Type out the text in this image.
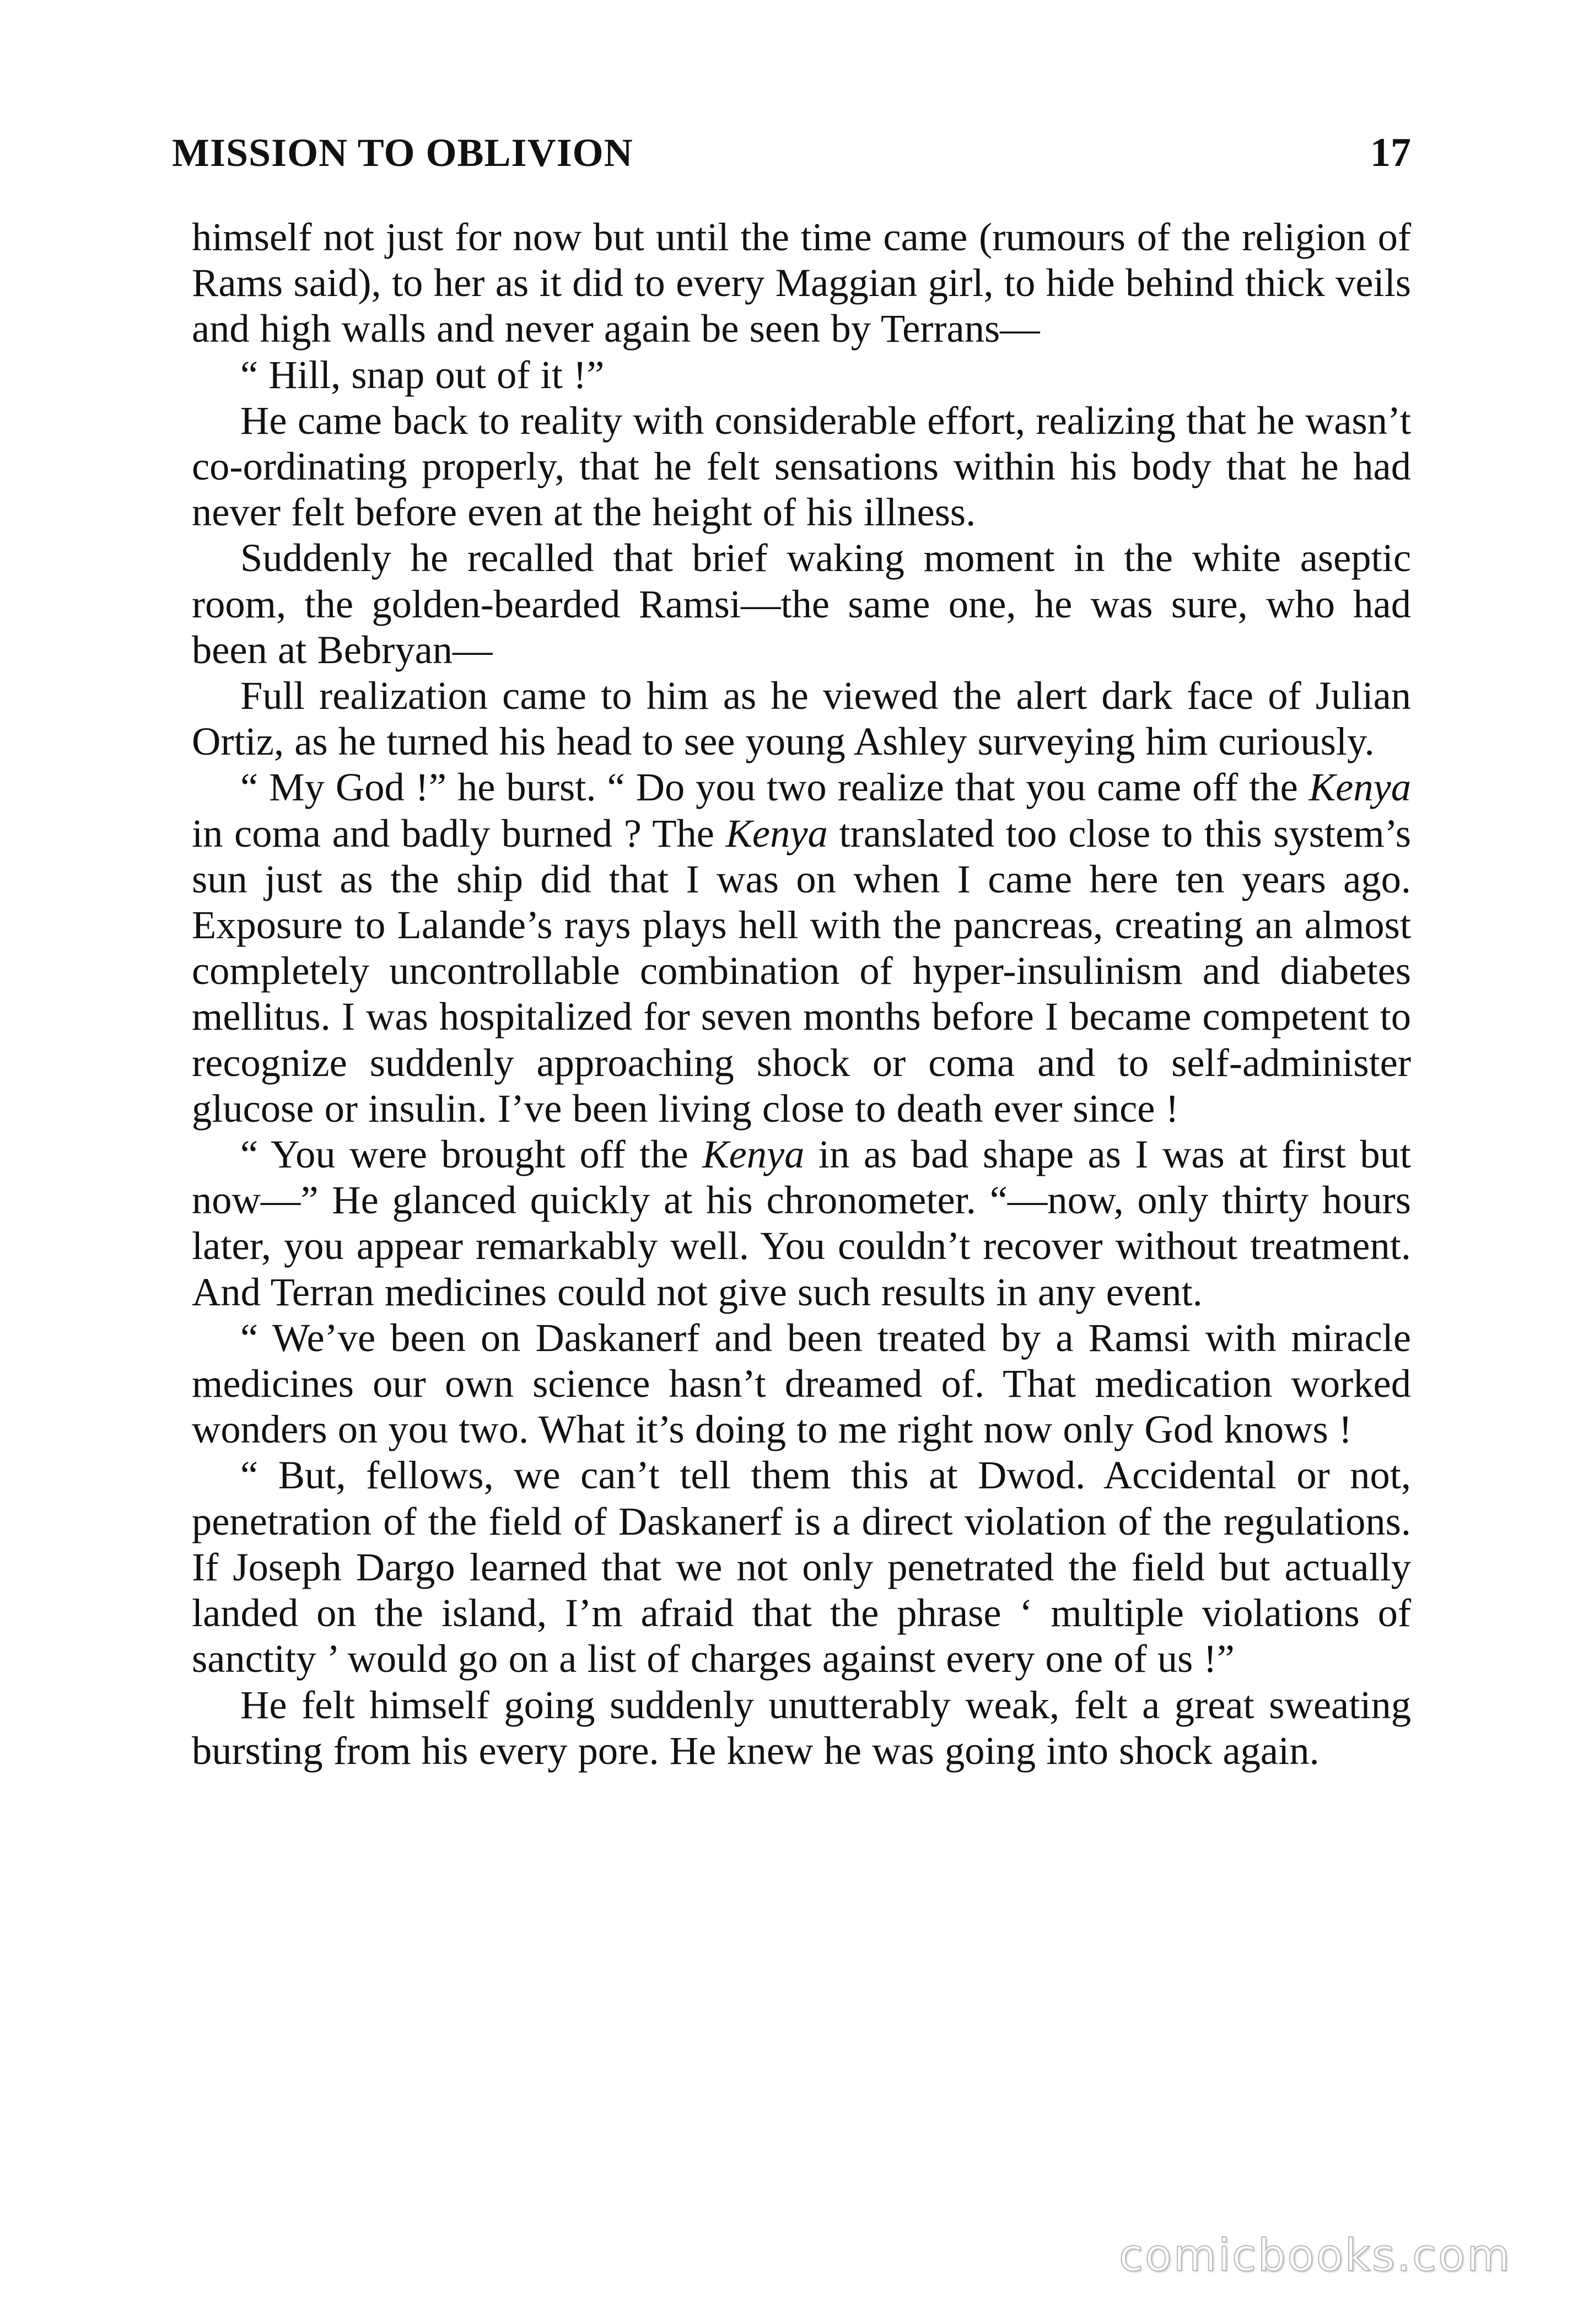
MISSION TO OBLIVION	17

himself not just for now but until the time came (rumours of the religion of Rams said), to her as it did to every Maggian girl, to hide behind thick veils and high walls and never again be seen by Terrans—

“ Hill, snap out of it !”

He came back to reality with considerable effort, realizing that he wasn’t co-ordinating properly, that he felt sensations within his body that he had never felt before even at the height of his illness.

Suddenly he recalled that brief waking moment in the white aseptic room, the golden-bearded Ramsi—the same one, he was sure, who had been at Bebryan—

Full realization came to him as he viewed the alert dark face of Julian Ortiz, as he turned his head to see young Ashley surveying him curiously.

“ My God !” he burst. “ Do you two realize that you came off the Kenya in coma and badly burned ? The Kenya translated too close to this system’s sun just as the ship did that I was on when I came here ten years ago. Exposure to Lalande’s rays plays hell with the pancreas, creating an almost completely uncontrollable combination of hyper-insulinism and diabetes mellitus. I was hospitalized for seven months before I became competent to recognize suddenly approaching shock or coma and to self-administer glucose or insulin. I’ve been living close to death ever since !

“ You were brought off the Kenya in as bad shape as I was at first but now—” He glanced quickly at his chronometer. “—now, only thirty hours later, you appear remarkably well. You couldn’t recover without treatment. And Terran medicines could not give such results in any event.

“ We’ve been on Daskanerf and been treated by a Ramsi with miracle medicines our own science hasn’t dreamed of. That medication worked wonders on you two. What it’s doing to me right now only God knows !

“ But, fellows, we can’t tell them this at Dwod. Accidental or not, penetration of the field of Daskanerf is a direct violation of the regulations. If Joseph Dargo learned that we not only penetrated the field but actually landed on the island, I’m afraid that the phrase ‘ multiple violations of sanctity ’ would go on a list of charges against every one of us !”

He felt himself going suddenly unutterably weak, felt a great sweating bursting from his every pore. He knew he was going into shock again.

comicbooks.com
